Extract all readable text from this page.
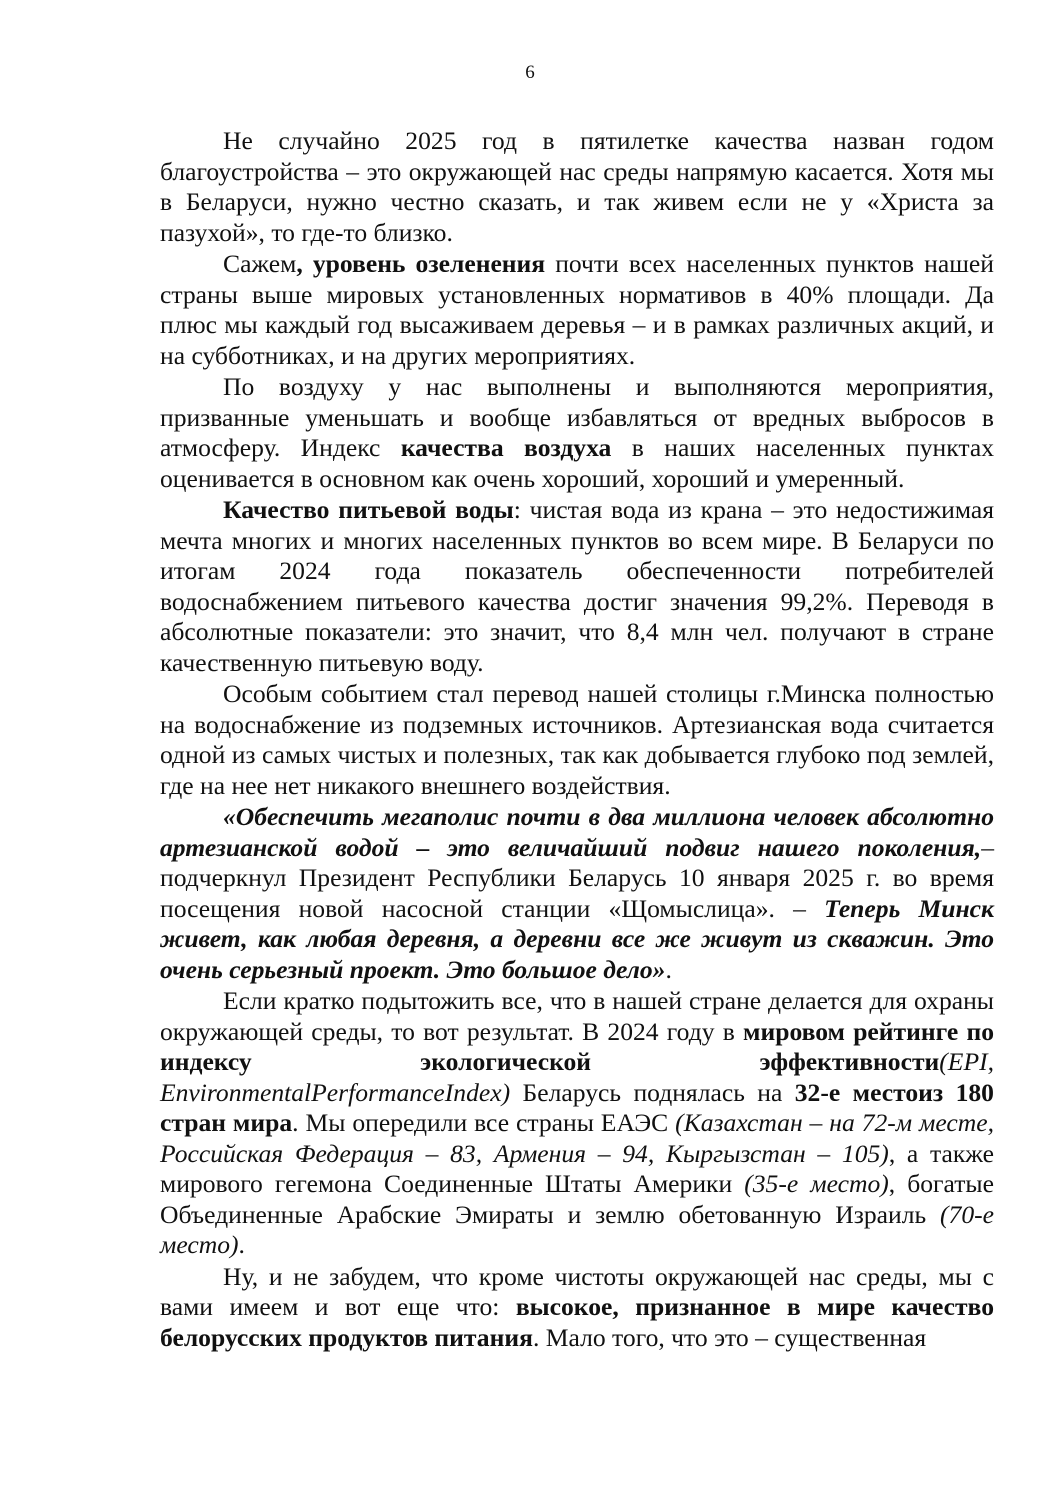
6

Не случайно 2025 год в пятилетке качества назван годом благоустройства – это окружающей нас среды напрямую касается. Хотя мы в Беларуси, нужно честно сказать, и так живем если не у «Христа за пазухой», то где-то близко.

Сажем, уровень озеленения почти всех населенных пунктов нашей страны выше мировых установленных нормативов в 40% площади. Да плюс мы каждый год высаживаем деревья – и в рамках различных акций, и на субботниках, и на других мероприятиях.

По воздуху у нас выполнены и выполняются мероприятия, призванные уменьшать и вообще избавляться от вредных выбросов в атмосферу. Индекс качества воздуха в наших населенных пунктах оценивается в основном как очень хороший, хороший и умеренный.

Качество питьевой воды: чистая вода из крана – это недостижимая мечта многих и многих населенных пунктов во всем мире. В Беларуси по итогам 2024 года показатель обеспеченности потребителей водоснабжением питьевого качества достиг значения 99,2%. Переводя в абсолютные показатели: это значит, что 8,4 млн чел. получают в стране качественную питьевую воду.

Особым событием стал перевод нашей столицы г.Минска полностью на водоснабжение из подземных источников. Артезианская вода считается одной из самых чистых и полезных, так как добывается глубоко под землей, где на нее нет никакого внешнего воздействия.

«Обеспечить мегаполис почти в два миллиона человек абсолютно артезианской водой – это величайший подвиг нашего поколения,– подчеркнул Президент Республики Беларусь 10 января 2025 г. во время посещения новой насосной станции «Щомыслица». – Теперь Минск живет, как любая деревня, а деревни все же живут из скважин. Это очень серьезный проект. Это большое дело».

Если кратко подытожить все, что в нашей стране делается для охраны окружающей среды, то вот результат. В 2024 году в мировом рейтинге по индексу экологической эффективности(EPI, EnvironmentalPerformanceIndex) Беларусь поднялась на 32-е местоиз 180 стран мира. Мы опередили все страны ЕАЭС (Казахстан – на 72-м месте, Российская Федерация – 83, Армения – 94, Кыргызстан – 105), а также мирового гегемона Соединенные Штаты Америки (35-е место), богатые Объединенные Арабские Эмираты и землю обетованную Израиль (70-е место).

Ну, и не забудем, что кроме чистоты окружающей нас среды, мы с вами имеем и вот еще что: высокое, признанное в мире качество белорусских продуктов питания. Мало того, что это – существенная
